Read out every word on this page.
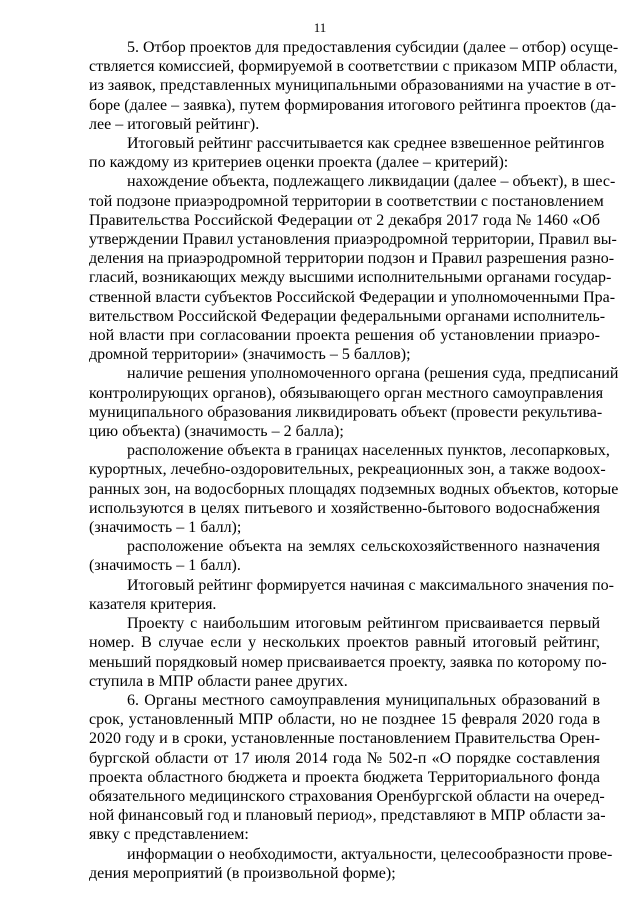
11

5. Отбор проектов для предоставления субсидии (далее – отбор) осуще-
ствляется комиссией, формируемой в соответствии с приказом МПР области,
из заявок, представленных муниципальными образованиями на участие в от-
боре (далее – заявка), путем формирования итогового рейтинга проектов (да-
лее – итоговый рейтинг).

Итоговый рейтинг рассчитывается как среднее взвешенное рейтингов
по каждому из критериев оценки проекта (далее – критерий):

нахождение объекта, подлежащего ликвидации (далее – объект), в шес-
той подзоне приаэродромной территории в соответствии с постановлением
Правительства Российской Федерации от 2 декабря 2017 года № 1460 «Об
утверждении Правил установления приаэродромной территории, Правил вы-
деления на приаэродромной территории подзон и Правил разрешения разно-
гласий, возникающих между высшими исполнительными органами государ-
ственной власти субъектов Российской Федерации и уполномоченными Пра-
вительством Российской Федерации федеральными органами исполнитель-
ной власти при согласовании проекта решения об установлении приаэро-
дромной территории» (значимость – 5 баллов);

наличие решения уполномоченного органа (решения суда, предписаний
контролирующих органов), обязывающего орган местного самоуправления
муниципального образования ликвидировать объект (провести рекультива-
цию объекта) (значимость – 2 балла);

расположение объекта в границах населенных пунктов, лесопарковых,
курортных, лечебно-оздоровительных, рекреационных зон, а также водоох-
ранных зон, на водосборных площадях подземных водных объектов, которые
используются в целях питьевого и хозяйственно-бытового водоснабжения
(значимость – 1 балл);

расположение объекта на землях сельскохозяйственного назначения
(значимость – 1 балл).

Итоговый рейтинг формируется начиная с максимального значения по-
казателя критерия.

Проекту с наибольшим итоговым рейтингом присваивается первый
номер. В случае если у нескольких проектов равный итоговый рейтинг,
меньший порядковый номер присваивается проекту, заявка по которому по-
ступила в МПР области ранее других.

6. Органы местного самоуправления муниципальных образований в
срок, установленный МПР области, но не позднее 15 февраля 2020 года в
2020 году и в сроки, установленные постановлением Правительства Орен-
бургской области от 17 июля 2014 года № 502-п «О порядке составления
проекта областного бюджета и проекта бюджета Территориального фонда
обязательного медицинского страхования Оренбургской области на очеред-
ной финансовый год и плановый период», представляют в МПР области за-
явку с представлением:

информации о необходимости, актуальности, целесообразности прове-
дения мероприятий (в произвольной форме);
